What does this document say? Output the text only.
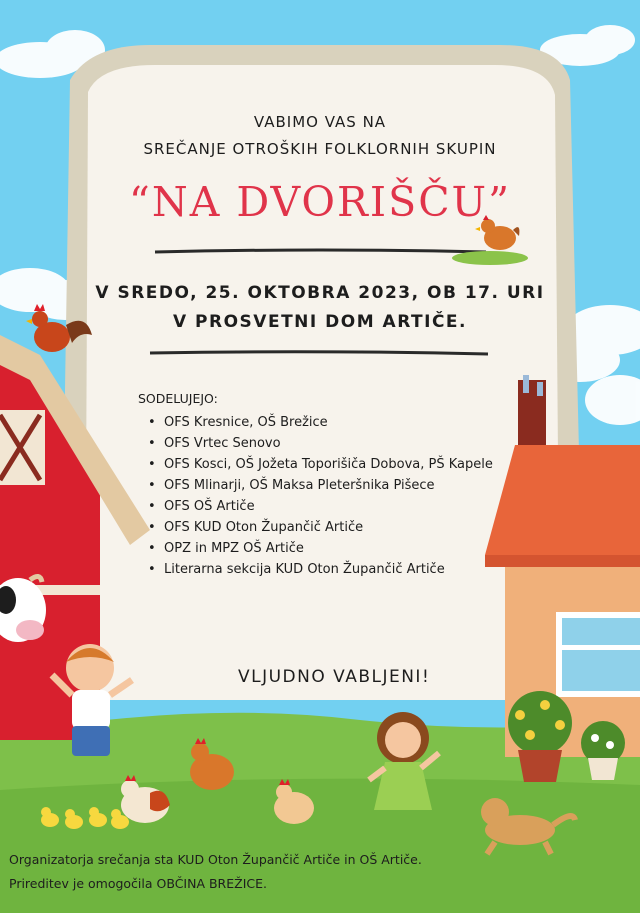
VABIMO VAS NA
SREČANJE OTROŠKIH FOLKLORNIH SKUPIN
“NA DVORIŠČU”
V SREDO, 25. OKTOBRA 2023, OB 17. URI
V PROSVETNI DOM ARTIČE.
SODELUJEJO:
• OFS Kresnice, OŠ Brežice
• OFS Vrtec Senovo
• OFS Kosci, OŠ Jožeta Toporišiča Dobova, PŠ Kapele
• OFS Mlinarji, OŠ Maksa Pleteršnika Pišece
• OFS OŠ Artiče
• OFS KUD Oton Župančič Artiče
• OPZ in MPZ OŠ Artiče
• Literarna sekcija KUD Oton Župančič Artiče
VLJUDNO VABLJENI!
Organizatorja srečanja sta KUD Oton Župančič Artiče in OŠ Artiče.
Prireditev je omogočila OBČINA BREŽICE.
